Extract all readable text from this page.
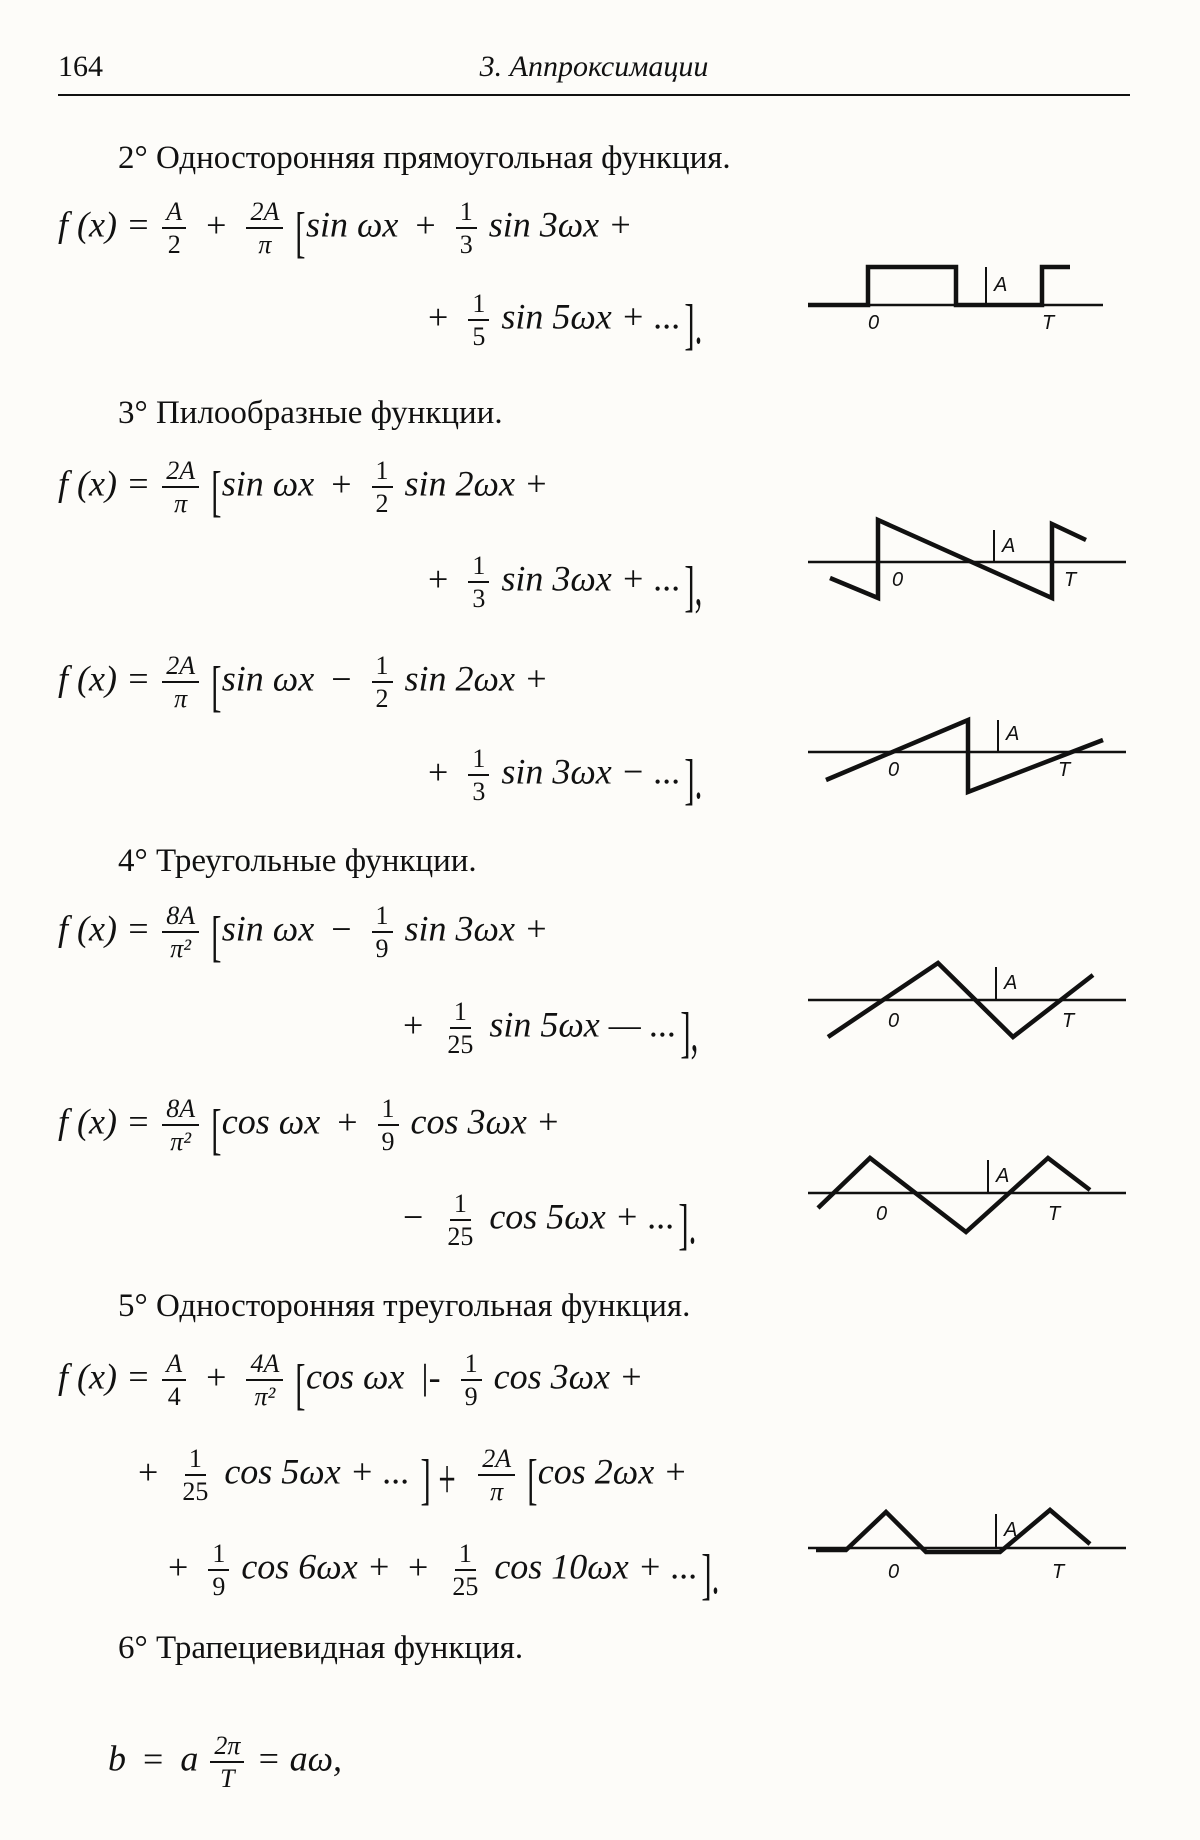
164	3. Аппроксимации
2° Односторонняя прямоугольная функция.
f $(x) = \frac{A}{2} + \frac{2A}{\pi} [\sin$ $\omega x + \frac{1}{3}$ sin 3ωx +
+ $\frac{1}{5}$ sin 5ωx + ...].
A
0	T
3° Пилообразные функции.
f $(x) = \frac{2A}{\pi} [\sin$ $\omega x + \frac{1}{2}$ sin 2ωx +
+ $\frac{1}{3}$ sin 3ωx + ...],
A
0	T
f $(x) = \frac{2A}{\pi} [\sin$ $\omega x - \frac{1}{2}$ sin 2ωx +
+ $\frac{1}{3}$ sin 3ωx − ...].
A
0	T
4° Треугольные функции.
f $(x) = \frac{8A}{\text{π²}} [\sin$ $\omega x - \frac{1}{9}$ sin 3ωx +
+ $\frac{1}{25}$ sin 5ωx — ...],
A
0	T
f $(x) = \frac{8A}{\text{π²}} [\cos$ $\omega x + \frac{1}{9}$ cos 3ωx +
− $\frac{1}{25}$ cos 5ωx + ...].
A
0	T
5° Односторонняя треугольная функция.
f $(x) = \frac{A}{4} + \frac{4A}{\text{π²}} [\cos$ ωx |- $\frac{1}{9}$ cos 3ωx +
+ $\frac{1}{25}$ cos 5ωx + ... ] + $\frac{2A}{\pi} [\cos$ 2ωx +
+ $\frac{1}{9}$ cos 6ωx + + $\frac{1}{25}$ cos 10ωx + ...].
A
0	T
6° Трапециевидная функция.
b = a $\frac{2\pi}{T} = a\omega$,
